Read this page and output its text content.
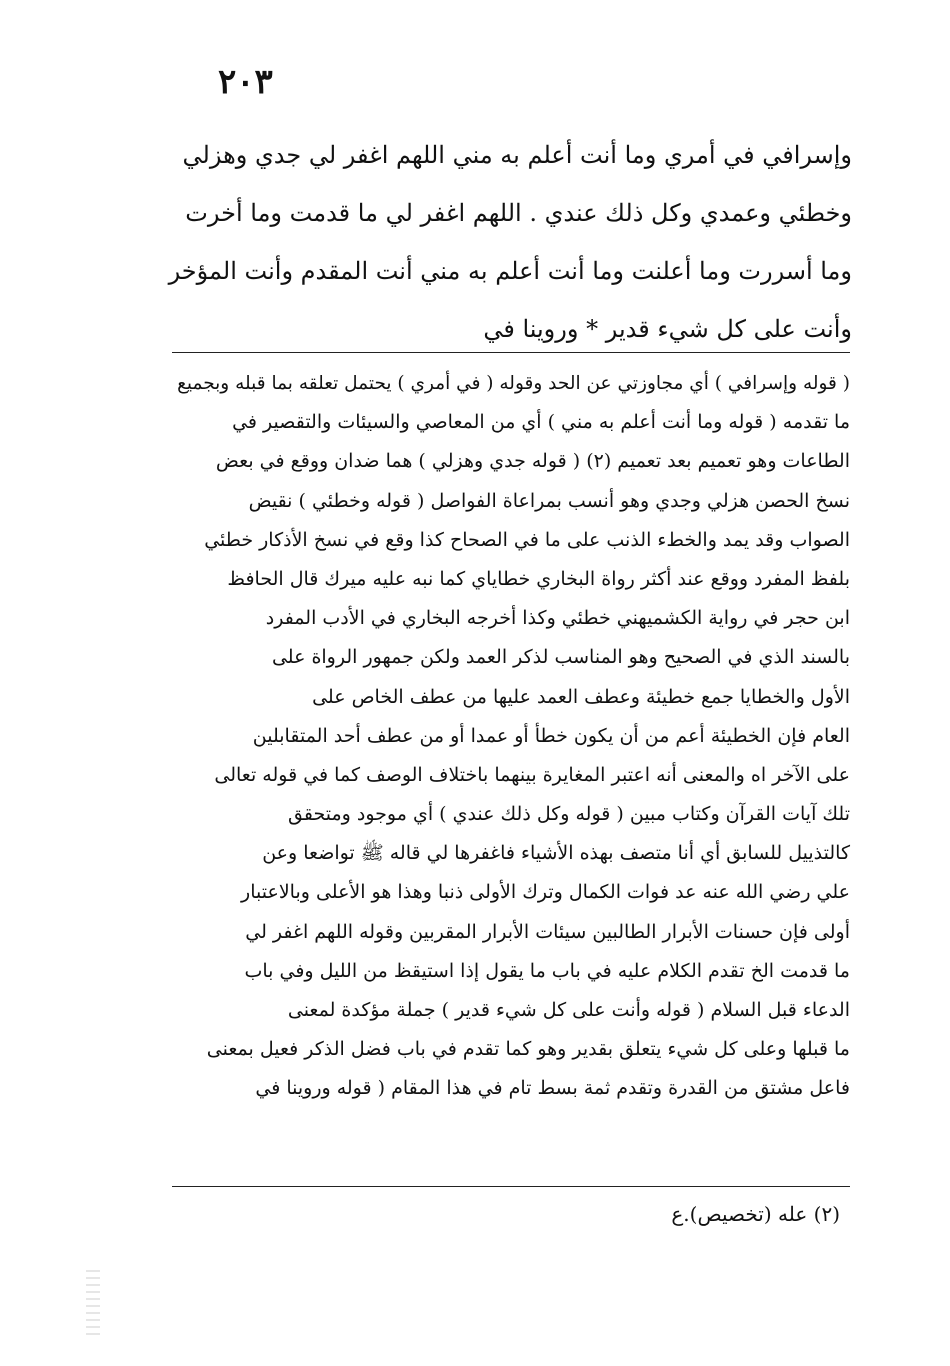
٢٠٣
وإسرافي في أمري وما أنت أعلم به مني اللهم اغفر لي جدي وهزلي
وخطئي وعمدي وكل ذلك عندي . اللهم اغفر لي ما قدمت وما أخرت
وما أسررت وما أعلنت وما أنت أعلم به مني أنت المقدم وأنت المؤخر
وأنت على كل شيء قدير * وروينا في
( قوله وإسرافي ) أي مجاوزتي عن الحد وقوله ( في أمري ) يحتمل تعلقه بما قبله وبجميع
ما تقدمه ( قوله وما أنت أعلم به مني ) أي من المعاصي والسيئات والتقصير في
الطاعات وهو تعميم بعد تعميم (٢) ( قوله جدي وهزلي ) هما ضدان ووقع في بعض
نسخ الحصن هزلي وجدي وهو أنسب بمراعاة الفواصل ( قوله وخطئي ) نقيض
الصواب وقد يمد والخطء الذنب على ما في الصحاح كذا وقع في نسخ الأذكار خطئي
بلفظ المفرد ووقع عند أكثر رواة البخاري خطاياي كما نبه عليه ميرك قال الحافظ
ابن حجر في رواية الكشميهني خطئي وكذا أخرجه البخاري في الأدب المفرد
بالسند الذي في الصحيح وهو المناسب لذكر العمد ولكن جمهور الرواة على
الأول والخطايا جمع خطيئة وعطف العمد عليها من عطف الخاص على
العام فإن الخطيئة أعم من أن يكون خطأ أو عمدا أو من عطف أحد المتقابلين
على الآخر اه والمعنى أنه اعتبر المغايرة بينهما باختلاف الوصف كما في قوله تعالى
تلك آيات القرآن وكتاب مبين ( قوله وكل ذلك عندي ) أي موجود ومتحقق
كالتذييل للسابق أي أنا متصف بهذه الأشياء فاغفرها لي قاله ﷺ تواضعا وعن
علي رضي الله عنه عد فوات الكمال وترك الأولى ذنبا وهذا هو الأعلى وبالاعتبار
أولى فإن حسنات الأبرار الطالبين سيئات الأبرار المقربين وقوله اللهم اغفر لي
ما قدمت الخ تقدم الكلام عليه في باب ما يقول إذا استيقظ من الليل وفي باب
الدعاء قبل السلام ( قوله وأنت على كل شيء قدير ) جملة مؤكدة لمعنى
ما قبلها وعلى كل شيء يتعلق بقدير وهو كما تقدم في باب فضل الذكر فعيل بمعنى
فاعل مشتق من القدرة وتقدم ثمة بسط تام في هذا المقام ( قوله وروينا في
(٢) عله (تخصيص).ع
